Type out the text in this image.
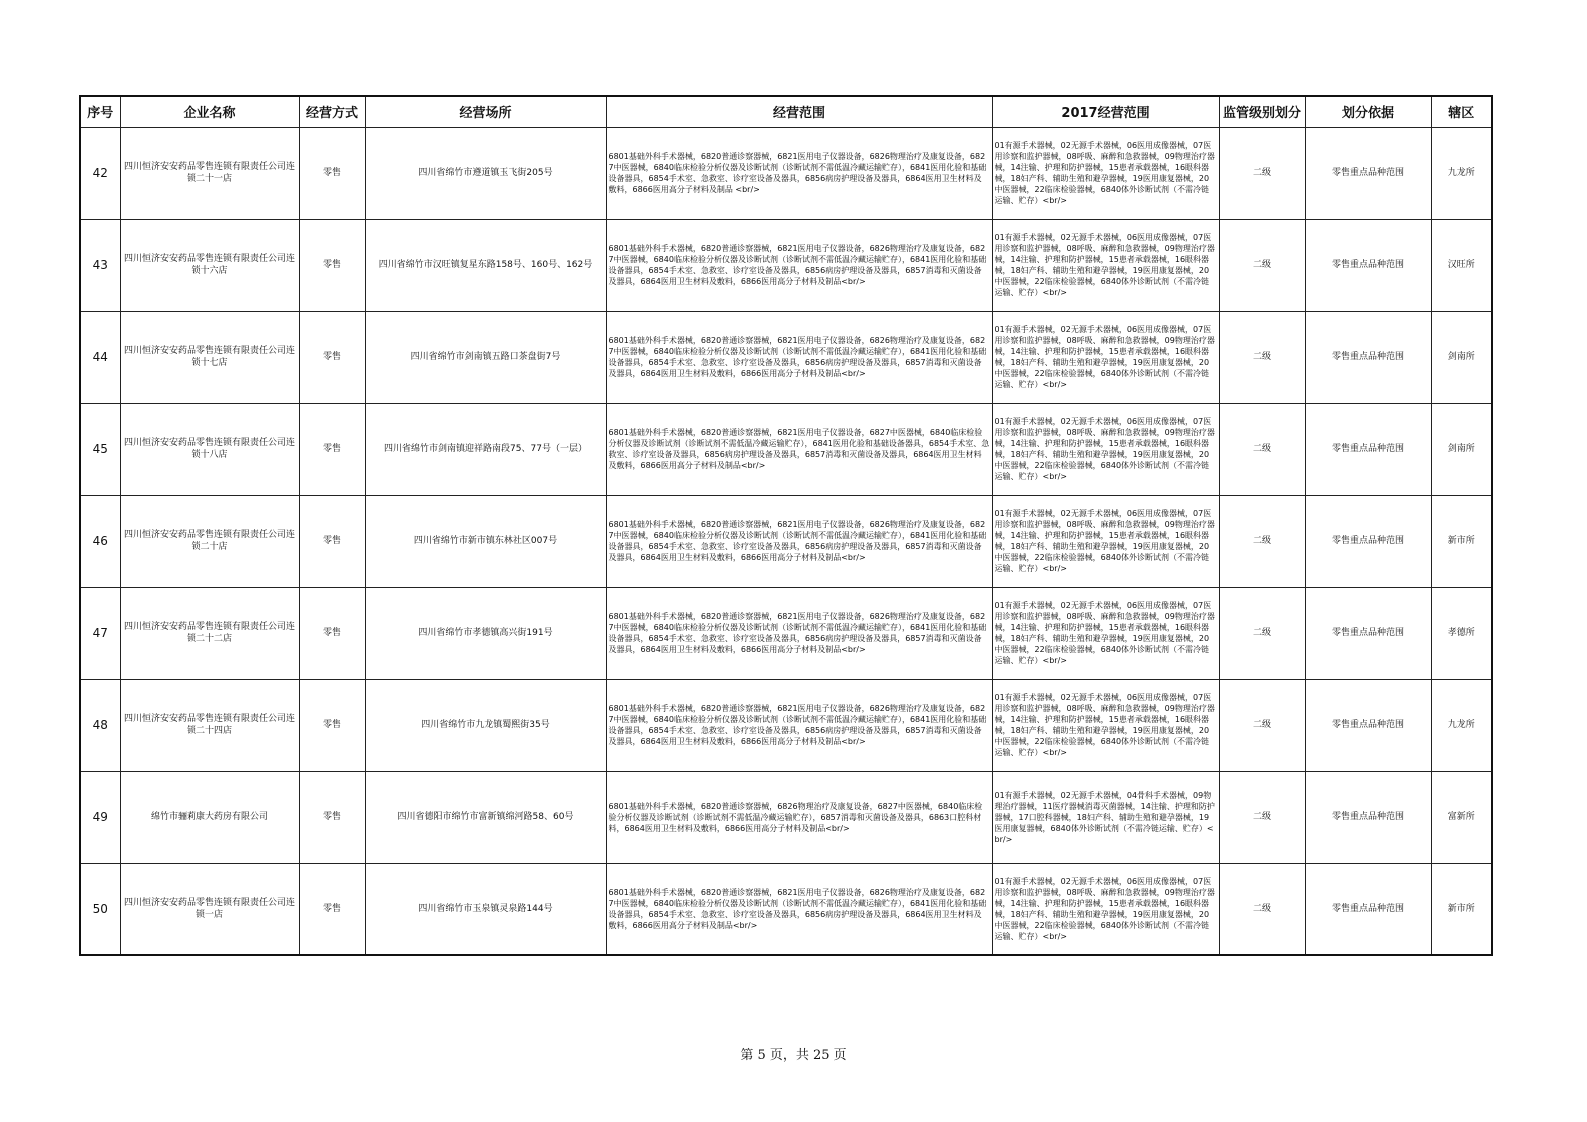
序号	企业名称	经营方式	经营场所	经营范围	2017经营范围	监管级别划分	划分依据	辖区
42	四川恒济安安药品零售连锁有限责任公司连锁二十一店	零售	四川省绵竹市遵道镇玉飞街205号	6801基础外科手术器械，6820普通诊察器械，6821医用电子仪器设备，6826物理治疗及康复设备，6827中医器械，6840临床检验分析仪器及诊断试剂（诊断试剂不需低温冷藏运输贮存），6841医用化验和基础设备器具，6854手术室、急救室、诊疗室设备及器具，6856病房护理设备及器具，6864医用卫生材料及敷料，6866医用高分子材料及制品 <br/>	01有源手术器械，02无源手术器械，06医用成像器械，07医用诊察和监护器械，08呼吸、麻醉和急救器械，09物理治疗器械，14注输、护理和防护器械，15患者承载器械，16眼科器械，18妇产科、辅助生殖和避孕器械，19医用康复器械，20中医器械，22临床检验器械，6840体外诊断试剂（不需冷链运输、贮存）<br/>	二级	零售重点品种范围	九龙所
43	四川恒济安安药品零售连锁有限责任公司连锁十六店	零售	四川省绵竹市汉旺镇复星东路158号、160号、162号	6801基础外科手术器械，6820普通诊察器械，6821医用电子仪器设备，6826物理治疗及康复设备，6827中医器械，6840临床检验分析仪器及诊断试剂（诊断试剂不需低温冷藏运输贮存），6841医用化验和基础设备器具，6854手术室、急救室、诊疗室设备及器具，6856病房护理设备及器具，6857消毒和灭菌设备及器具，6864医用卫生材料及敷料，6866医用高分子材料及制品<br/>	01有源手术器械，02无源手术器械，06医用成像器械，07医用诊察和监护器械，08呼吸、麻醉和急救器械，09物理治疗器械，14注输、护理和防护器械，15患者承载器械，16眼科器械，18妇产科、辅助生殖和避孕器械，19医用康复器械，20中医器械，22临床检验器械，6840体外诊断试剂（不需冷链运输、贮存）<br/>	二级	零售重点品种范围	汉旺所
44	四川恒济安安药品零售连锁有限责任公司连锁十七店	零售	四川省绵竹市剑南镇五路口茶盘街7号	6801基础外科手术器械，6820普通诊察器械，6821医用电子仪器设备，6826物理治疗及康复设备，6827中医器械，6840临床检验分析仪器及诊断试剂（诊断试剂不需低温冷藏运输贮存），6841医用化验和基础设备器具，6854手术室、急救室、诊疗室设备及器具，6856病房护理设备及器具，6857消毒和灭菌设备及器具，6864医用卫生材料及敷料，6866医用高分子材料及制品<br/>	01有源手术器械，02无源手术器械，06医用成像器械，07医用诊察和监护器械，08呼吸、麻醉和急救器械，09物理治疗器械，14注输、护理和防护器械，15患者承载器械，16眼科器械，18妇产科、辅助生殖和避孕器械，19医用康复器械，20中医器械，22临床检验器械，6840体外诊断试剂（不需冷链运输、贮存）<br/>	二级	零售重点品种范围	剑南所
45	四川恒济安安药品零售连锁有限责任公司连锁十八店	零售	四川省绵竹市剑南镇迎祥路南段75、77号（一层）	6801基础外科手术器械，6820普通诊察器械，6821医用电子仪器设备，6827中医器械，6840临床检验分析仪器及诊断试剂（诊断试剂不需低温冷藏运输贮存），6841医用化验和基础设备器具，6854手术室、急救室、诊疗室设备及器具，6856病房护理设备及器具，6857消毒和灭菌设备及器具，6864医用卫生材料及敷料，6866医用高分子材料及制品<br/>	01有源手术器械，02无源手术器械，06医用成像器械，07医用诊察和监护器械，08呼吸、麻醉和急救器械，09物理治疗器械，14注输、护理和防护器械，15患者承载器械，16眼科器械，18妇产科、辅助生殖和避孕器械，19医用康复器械，20中医器械，22临床检验器械，6840体外诊断试剂（不需冷链运输、贮存）<br/>	二级	零售重点品种范围	剑南所
46	四川恒济安安药品零售连锁有限责任公司连锁二十店	零售	四川省绵竹市新市镇东林社区007号	6801基础外科手术器械，6820普通诊察器械，6821医用电子仪器设备，6826物理治疗及康复设备，6827中医器械，6840临床检验分析仪器及诊断试剂（诊断试剂不需低温冷藏运输贮存），6841医用化验和基础设备器具，6854手术室、急救室、诊疗室设备及器具，6856病房护理设备及器具，6857消毒和灭菌设备及器具，6864医用卫生材料及敷料，6866医用高分子材料及制品<br/>	01有源手术器械，02无源手术器械，06医用成像器械，07医用诊察和监护器械，08呼吸、麻醉和急救器械，09物理治疗器械，14注输、护理和防护器械，15患者承载器械，16眼科器械，18妇产科、辅助生殖和避孕器械，19医用康复器械，20中医器械，22临床检验器械，6840体外诊断试剂（不需冷链运输、贮存）<br/>	二级	零售重点品种范围	新市所
47	四川恒济安安药品零售连锁有限责任公司连锁二十二店	零售	四川省绵竹市孝德镇高兴街191号	6801基础外科手术器械，6820普通诊察器械，6821医用电子仪器设备，6826物理治疗及康复设备，6827中医器械，6840临床检验分析仪器及诊断试剂（诊断试剂不需低温冷藏运输贮存），6841医用化验和基础设备器具，6854手术室、急救室、诊疗室设备及器具，6856病房护理设备及器具，6857消毒和灭菌设备及器具，6864医用卫生材料及敷料，6866医用高分子材料及制品<br/>	01有源手术器械，02无源手术器械，06医用成像器械，07医用诊察和监护器械，08呼吸、麻醉和急救器械，09物理治疗器械，14注输、护理和防护器械，15患者承载器械，16眼科器械，18妇产科、辅助生殖和避孕器械，19医用康复器械，20中医器械，22临床检验器械，6840体外诊断试剂（不需冷链运输、贮存）<br/>	二级	零售重点品种范围	孝德所
48	四川恒济安安药品零售连锁有限责任公司连锁二十四店	零售	四川省绵竹市九龙镇蜀熙街35号	6801基础外科手术器械，6820普通诊察器械，6821医用电子仪器设备，6826物理治疗及康复设备，6827中医器械，6840临床检验分析仪器及诊断试剂（诊断试剂不需低温冷藏运输贮存），6841医用化验和基础设备器具，6854手术室、急救室、诊疗室设备及器具，6856病房护理设备及器具，6857消毒和灭菌设备及器具，6864医用卫生材料及敷料，6866医用高分子材料及制品<br/>	01有源手术器械，02无源手术器械，06医用成像器械，07医用诊察和监护器械，08呼吸、麻醉和急救器械，09物理治疗器械，14注输、护理和防护器械，15患者承载器械，16眼科器械，18妇产科、辅助生殖和避孕器械，19医用康复器械，20中医器械，22临床检验器械，6840体外诊断试剂（不需冷链运输、贮存）<br/>	二级	零售重点品种范围	九龙所
49	绵竹市骊莉康大药房有限公司	零售	四川省德阳市绵竹市富新镇绵河路58、60号	6801基础外科手术器械，6820普通诊察器械，6826物理治疗及康复设备，6827中医器械，6840临床检验分析仪器及诊断试剂（诊断试剂不需低温冷藏运输贮存），6857消毒和灭菌设备及器具，6863口腔科材料，6864医用卫生材料及敷料，6866医用高分子材料及制品<br/>	01有源手术器械，02无源手术器械，04骨科手术器械，09物理治疗器械，11医疗器械消毒灭菌器械，14注输、护理和防护器械，17口腔科器械，18妇产科、辅助生殖和避孕器械，19医用康复器械，6840体外诊断试剂（不需冷链运输、贮存）<br/>	二级	零售重点品种范围	富新所
50	四川恒济安安药品零售连锁有限责任公司连锁一店	零售	四川省绵竹市玉泉镇灵泉路144号	6801基础外科手术器械，6820普通诊察器械，6821医用电子仪器设备，6826物理治疗及康复设备，6827中医器械，6840临床检验分析仪器及诊断试剂（诊断试剂不需低温冷藏运输贮存），6841医用化验和基础设备器具，6854手术室、急救室、诊疗室设备及器具，6856病房护理设备及器具，6864医用卫生材料及敷料，6866医用高分子材料及制品<br/>	01有源手术器械，02无源手术器械，06医用成像器械，07医用诊察和监护器械，08呼吸、麻醉和急救器械，09物理治疗器械，14注输、护理和防护器械，15患者承载器械，16眼科器械，18妇产科、辅助生殖和避孕器械，19医用康复器械，20中医器械，22临床检验器械，6840体外诊断试剂（不需冷链运输、贮存）<br/>	二级	零售重点品种范围	新市所
第 5 页，共 25 页
